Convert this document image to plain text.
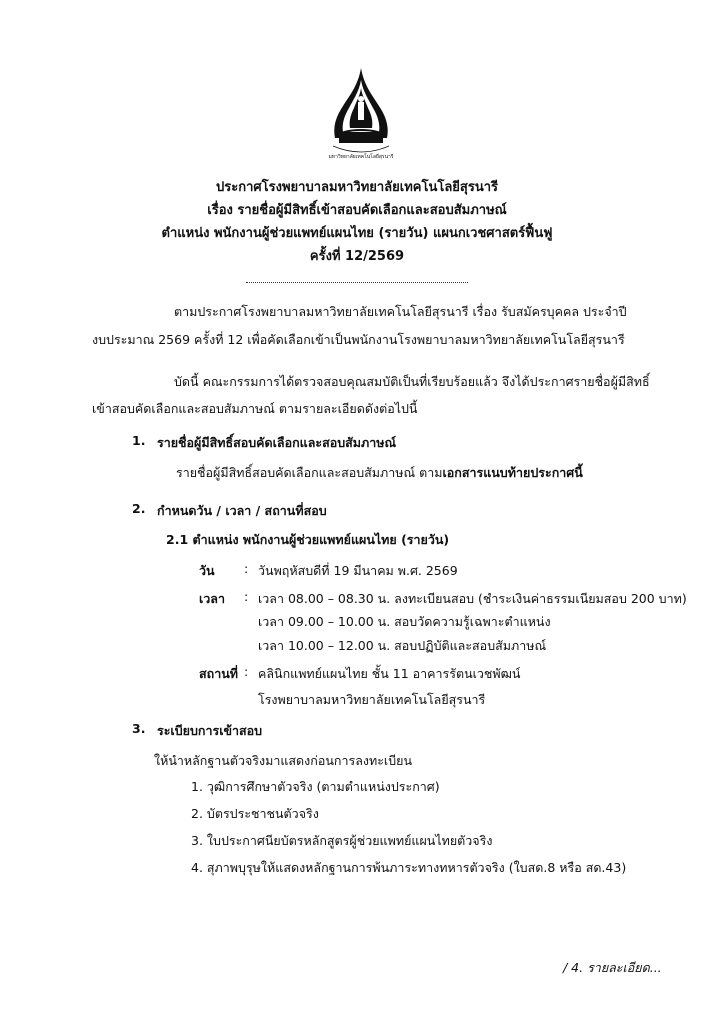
มหาวิทยาลัยเทคโนโลยีสุรนารี
ประกาศโรงพยาบาลมหาวิทยาลัยเทคโนโลยีสุรนารี
เรื่อง รายชื่อผู้มีสิทธิ์เข้าสอบคัดเลือกและสอบสัมภาษณ์
ตำแหน่ง พนักงานผู้ช่วยแพทย์แผนไทย (รายวัน) แผนกเวชศาสตร์ฟื้นฟู
ครั้งที่ 12/2569
ตามประกาศโรงพยาบาลมหาวิทยาลัยเทคโนโลยีสุรนารี เรื่อง รับสมัครบุคคล ประจำปี
งบประมาณ 2569 ครั้งที่ 12 เพื่อคัดเลือกเข้าเป็นพนักงานโรงพยาบาลมหาวิทยาลัยเทคโนโลยีสุรนารี
บัดนี้ คณะกรรมการได้ตรวจสอบคุณสมบัติเป็นที่เรียบร้อยแล้ว จึงได้ประกาศรายชื่อผู้มีสิทธิ์
เข้าสอบคัดเลือกและสอบสัมภาษณ์ ตามรายละเอียดดังต่อไปนี้
1. รายชื่อผู้มีสิทธิ์สอบคัดเลือกและสอบสัมภาษณ์
รายชื่อผู้มีสิทธิ์สอบคัดเลือกและสอบสัมภาษณ์ ตามเอกสารแนบท้ายประกาศนี้
2. กำหนดวัน / เวลา / สถานที่สอบ
2.1 ตำแหน่ง พนักงานผู้ช่วยแพทย์แผนไทย (รายวัน)
วัน : วันพฤหัสบดีที่ 19 มีนาคม พ.ศ. 2569
เวลา : เวลา 08.00 – 08.30 น. ลงทะเบียนสอบ (ชำระเงินค่าธรรมเนียมสอบ 200 บาท)
เวลา 09.00 – 10.00 น. สอบวัดความรู้เฉพาะตำแหน่ง
เวลา 10.00 – 12.00 น. สอบปฏิบัติและสอบสัมภาษณ์
สถานที่ : คลินิกแพทย์แผนไทย ชั้น 11 อาคารรัตนเวชพัฒน์
โรงพยาบาลมหาวิทยาลัยเทคโนโลยีสุรนารี
3. ระเบียบการเข้าสอบ
ให้นำหลักฐานตัวจริงมาแสดงก่อนการลงทะเบียน
1. วุฒิการศึกษาตัวจริง (ตามตำแหน่งประกาศ)
2. บัตรประชาชนตัวจริง
3. ใบประกาศนียบัตรหลักสูตรผู้ช่วยแพทย์แผนไทยตัวจริง
4. สุภาพบุรุษให้แสดงหลักฐานการพ้นภาระทางทหารตัวจริง (ใบสด.8 หรือ สด.43)
/ 4. รายละเอียด...
